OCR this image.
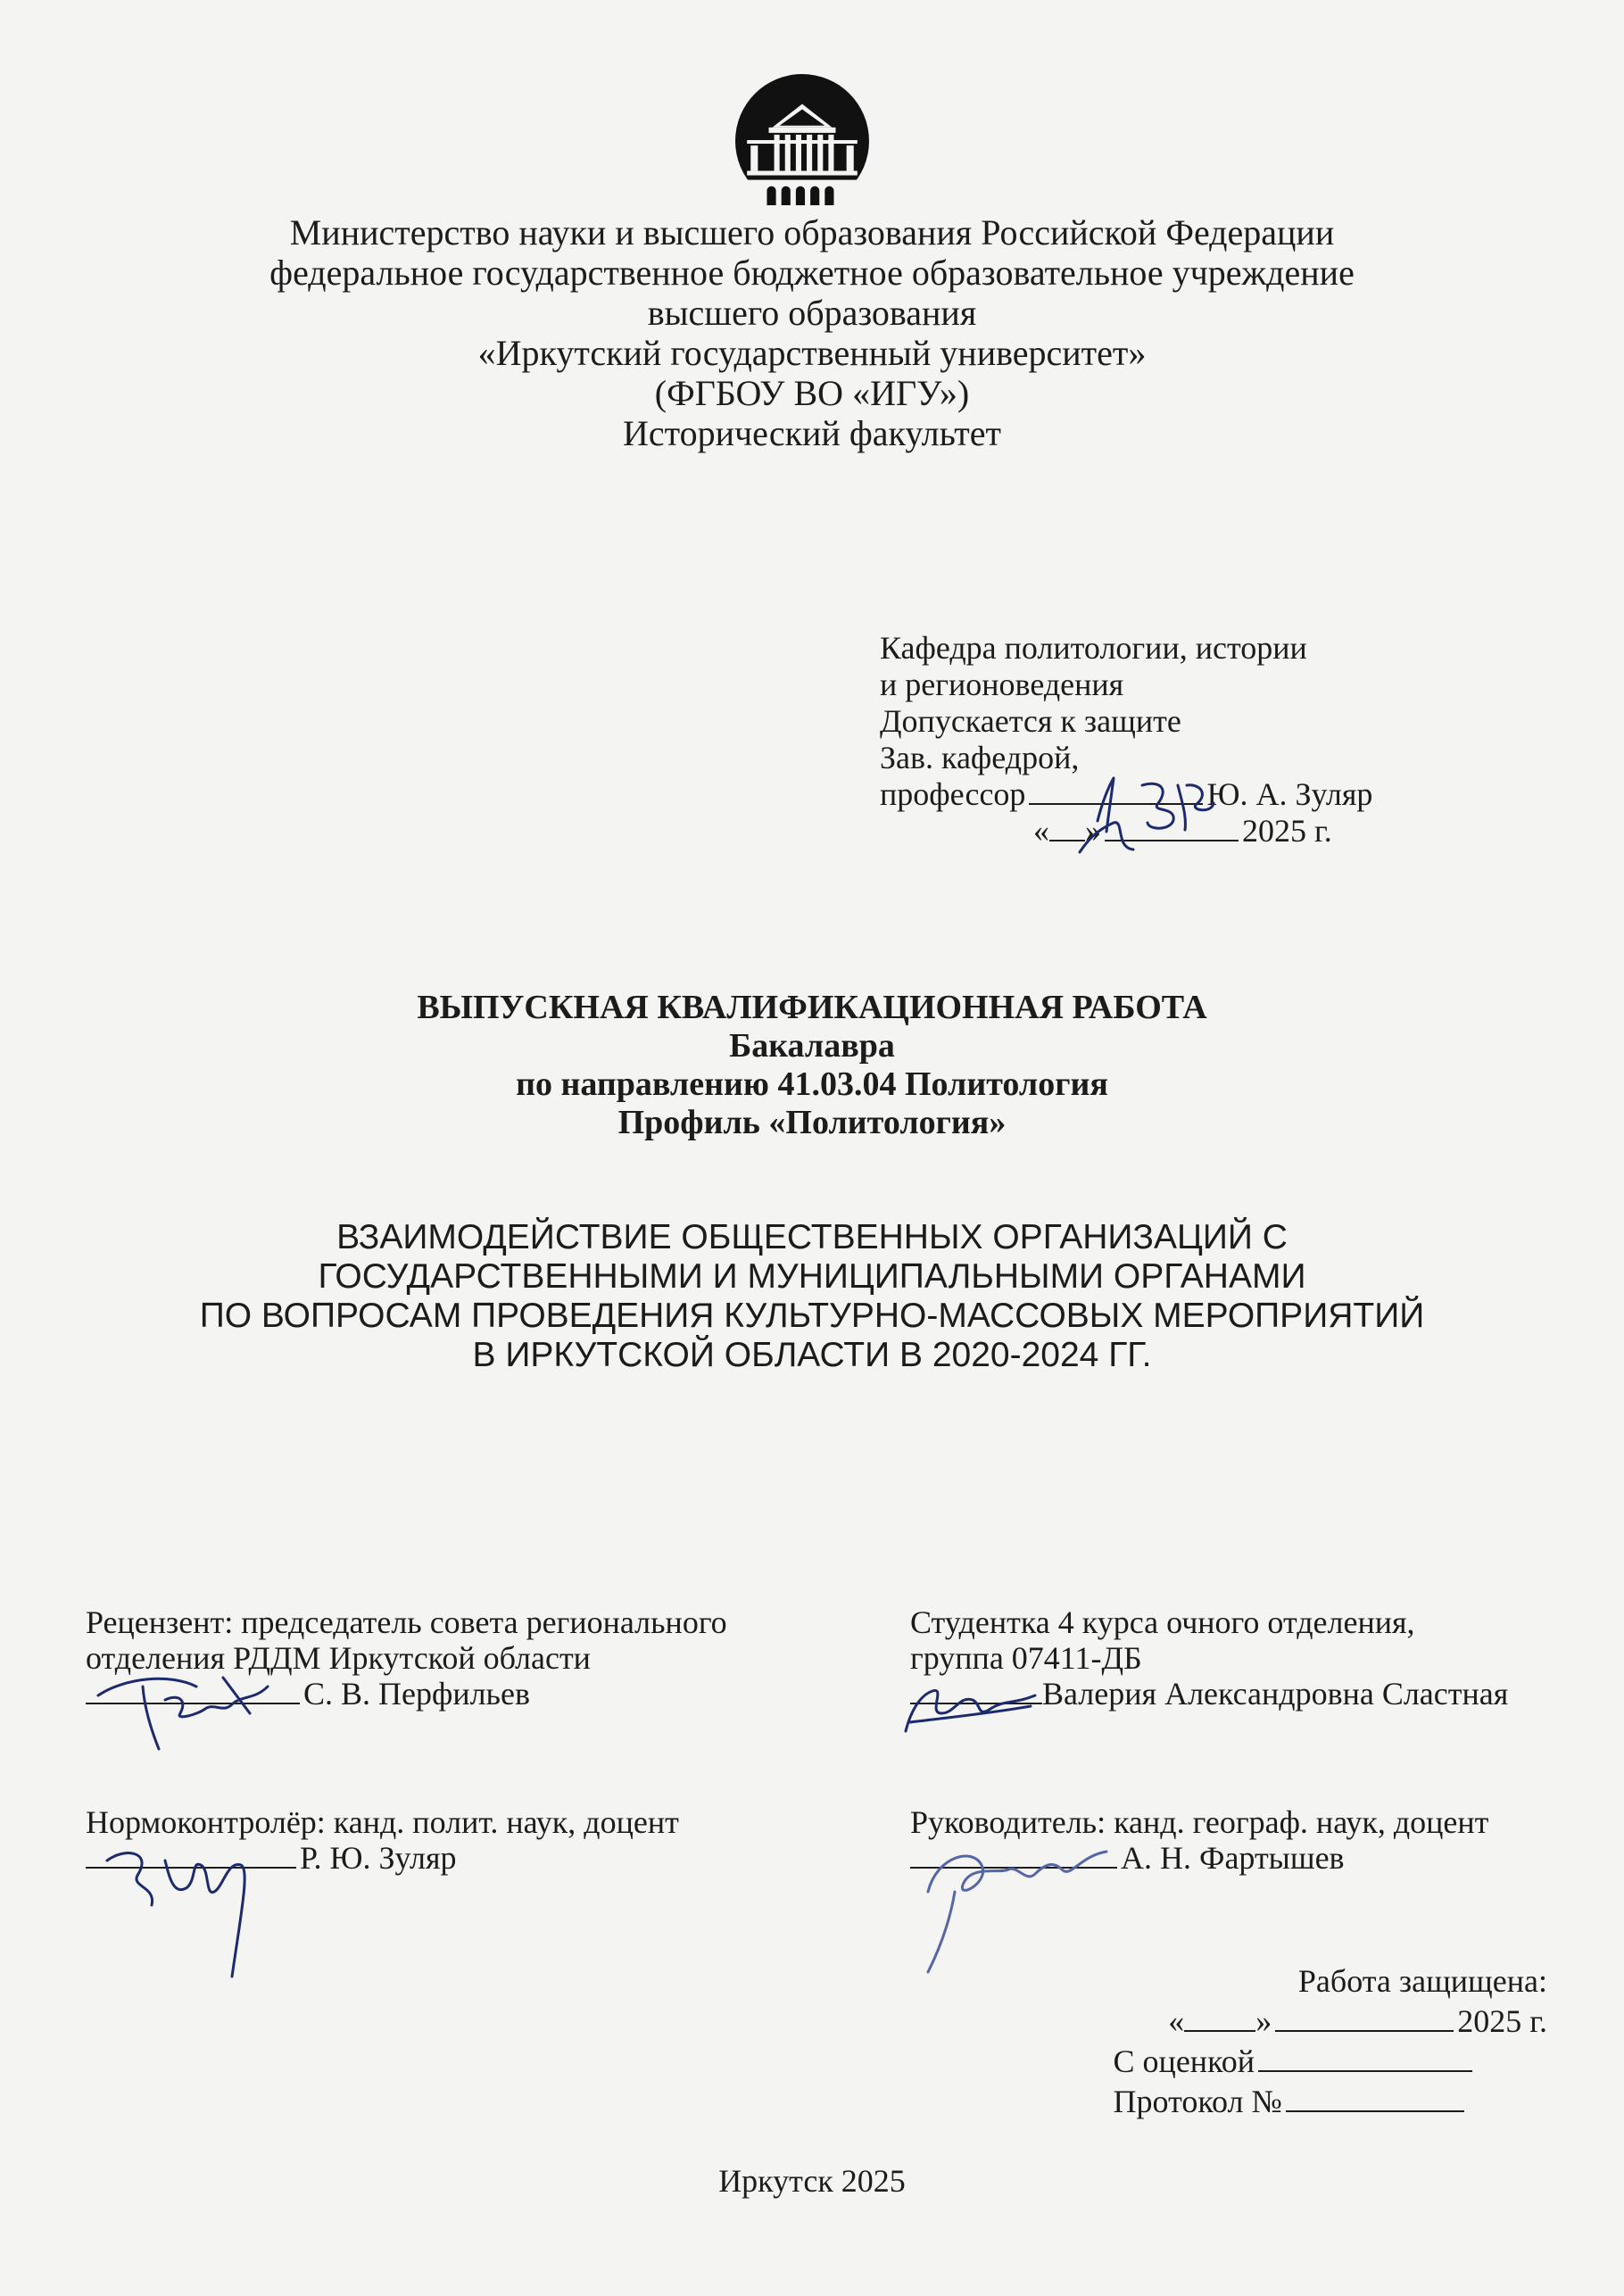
Министерство науки и высшего образования Российской Федерации
федеральное государственное бюджетное образовательное учреждение
высшего образования
«Иркутский государственный университет»
(ФГБОУ ВО «ИГУ»)
Исторический факультет
Кафедра политологии, истории
и регионоведения
Допускается к защите
Зав. кафедрой,
профессор	Ю. А. Зуляр
« »	2025 г.
ВЫПУСКНАЯ КВАЛИФИКАЦИОННАЯ РАБОТА
Бакалавра
по направлению 41.03.04 Политология
Профиль «Политология»
ВЗАИМОДЕЙСТВИЕ ОБЩЕСТВЕННЫХ ОРГАНИЗАЦИЙ С
ГОСУДАРСТВЕННЫМИ И МУНИЦИПАЛЬНЫМИ ОРГАНАМИ
ПО ВОПРОСАМ ПРОВЕДЕНИЯ КУЛЬТУРНО-МАССОВЫХ МЕРОПРИЯТИЙ
В ИРКУТСКОЙ ОБЛАСТИ В 2020-2024 ГГ.
Рецензент: председатель совета регионального
отделения РДДМ Иркутской области
С. В. Перфильев
Студентка 4 курса очного отделения,
группа 07411-ДБ
Валерия Александровна Сластная
Нормоконтролёр: канд. полит. наук, доцент
Р. Ю. Зуляр
Руководитель: канд. географ. наук, доцент
А. Н. Фартышев
Работа защищена:
« »	2025 г.
С оценкой
Протокол №
Иркутск 2025
